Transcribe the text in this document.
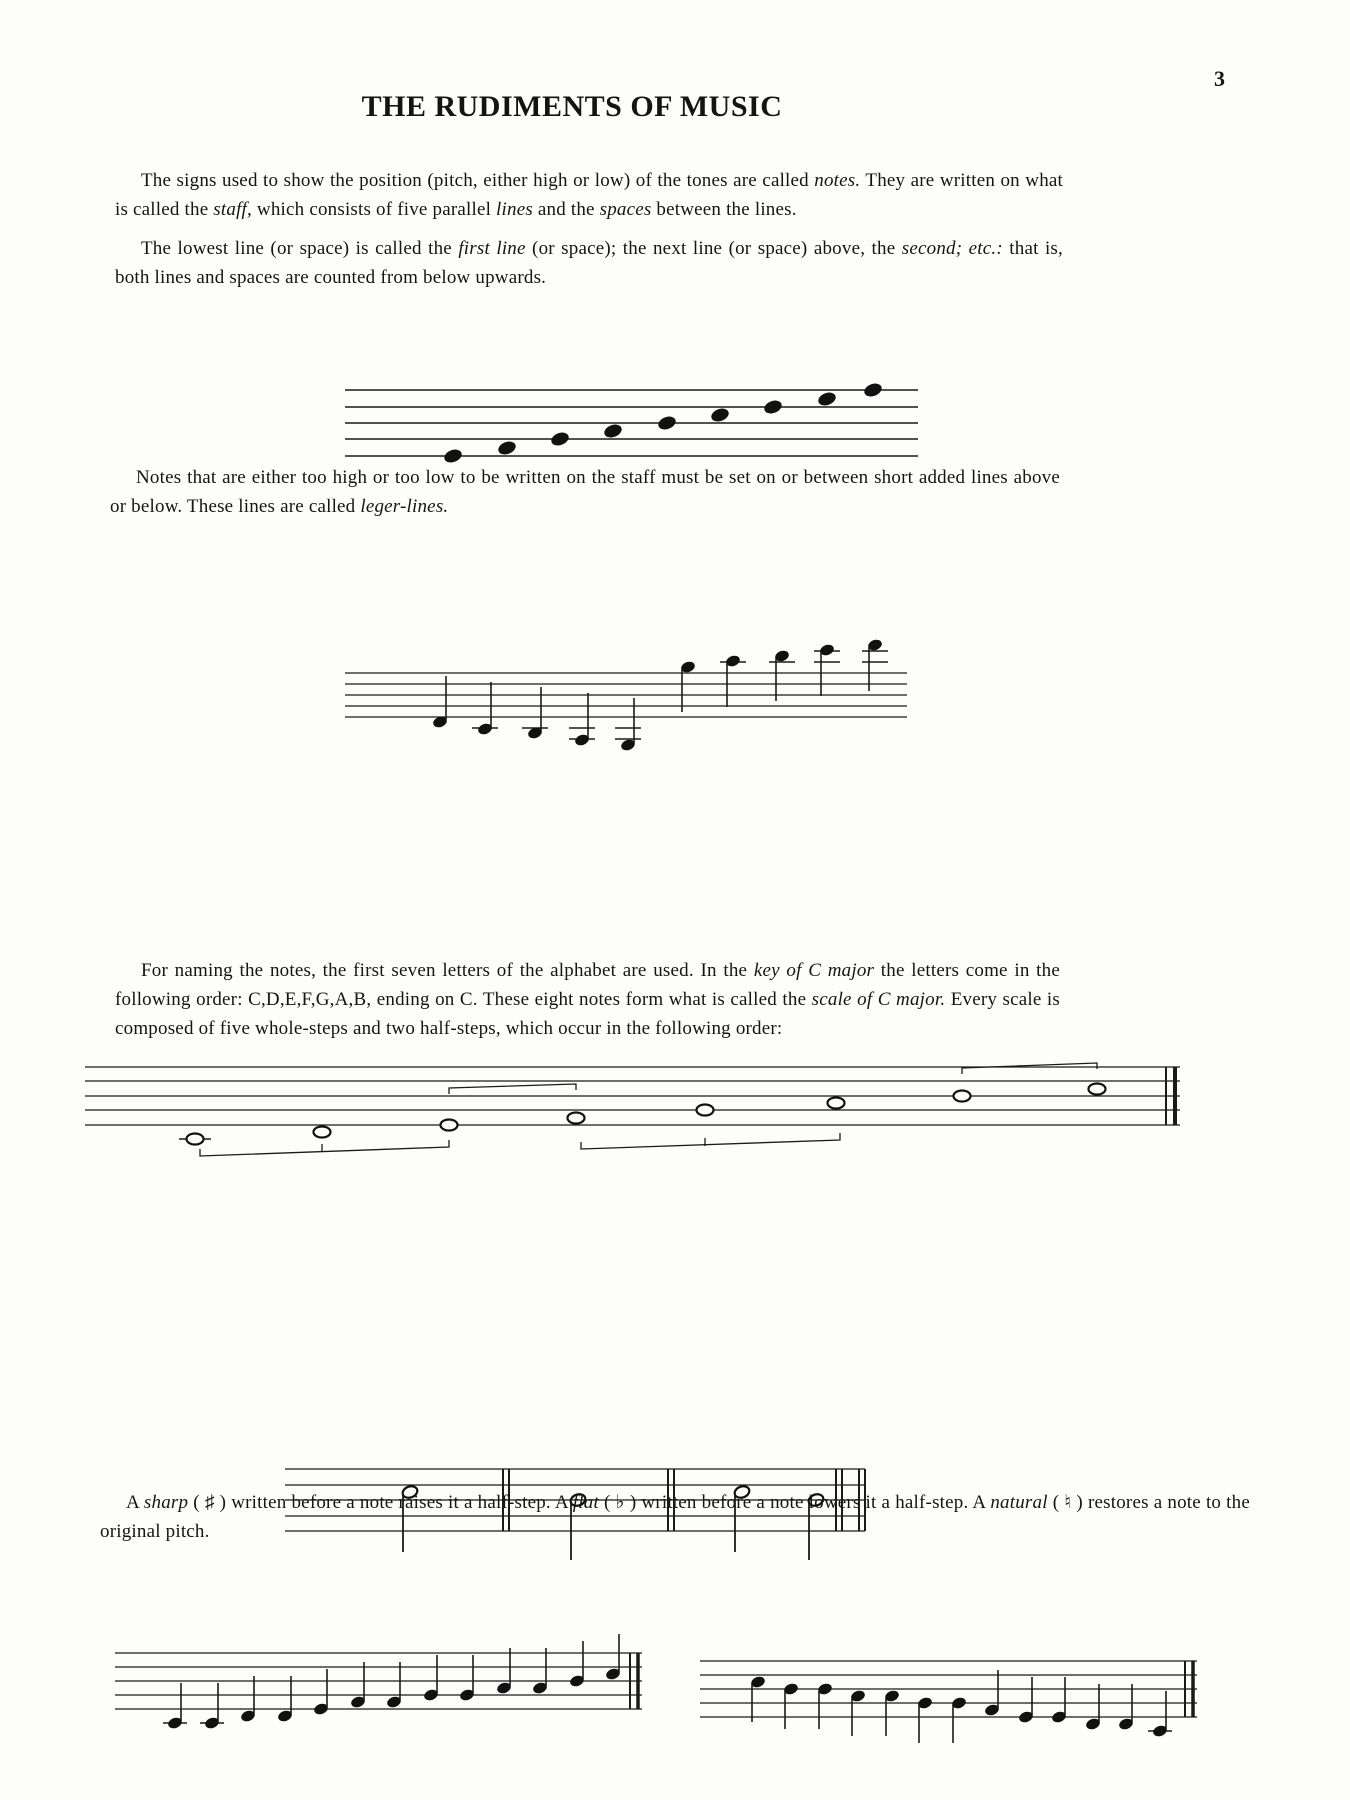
3
THE RUDIMENTS OF MUSIC

The signs used to show the position (pitch, either high or low) of the tones are called notes. They are written on what is called the staff, which consists of five parallel lines and the spaces between the lines.

The lowest line (or space) is called the first line (or space); the next line (or space) above, the second; etc.: that is, both lines and spaces are counted from below upwards.

Notes that are either too high or too low to be written on the staff must be set on or between short added lines above or below. These lines are called leger-lines.

For naming the notes, the first seven letters of the alphabet are used. In the key of C major the letters come in the following order: C,D,E,F,G,A,B, ending on C. These eight notes form what is called the scale of C major. Every scale is composed of five whole-steps and two half-steps, which occur in the following order:

A sharp ( ♯ ) written before a note raises it a half-step. A flat ( ♭ ) written before a note lowers it a half-step. A natural ( ♮ ) restores a note to the original pitch.
